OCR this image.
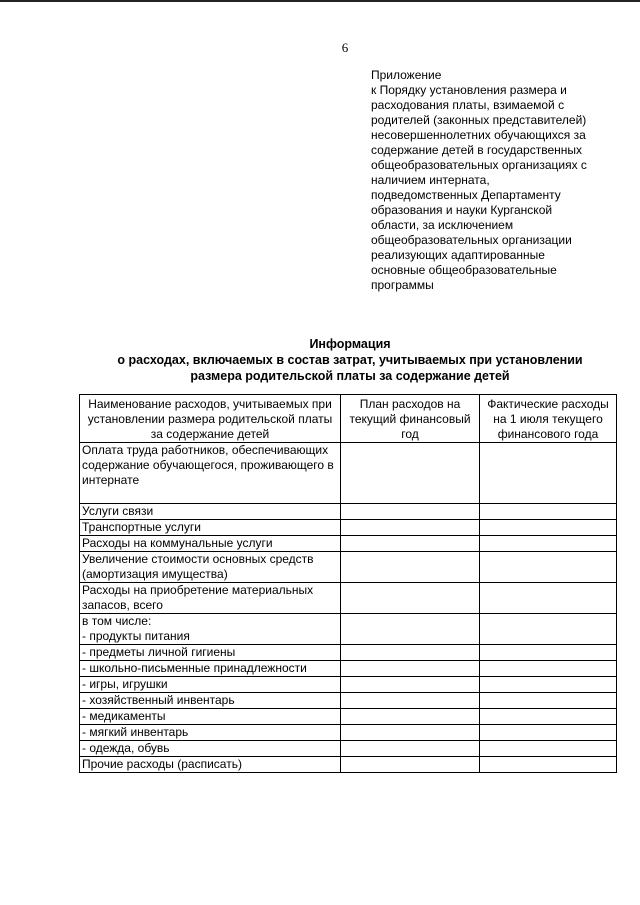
6
Приложение
к Порядку установления размера и
расходования платы, взимаемой с
родителей (законных представителей)
несовершеннолетних обучающихся за
содержание детей в государственных
общеобразовательных организациях с
наличием интерната,
подведомственных Департаменту
образования и науки Курганской
области, за исключением
общеобразовательных организации
реализующих адаптированные
основные общеобразовательные
программы
Информация
о расходах, включаемых в состав затрат, учитываемых при установлении
размера родительской платы за содержание детей
Наименование расходов, учитываемых при установлении размера родительской платы за содержание детей	План расходов на текущий финансовый год	Фактические расходы на 1 июля текущего финансового года
Оплата труда работников, обеспечивающих содержание обучающегося, проживающего в интернате		
Услуги связи		
Транспортные услуги		
Расходы на коммунальные услуги		
Увеличение стоимости основных средств (амортизация имущества)		
Расходы на приобретение материальных запасов, всего		
в том числе:
- продукты питания		
- предметы личной гигиены		
- школьно-письменные принадлежности		
- игры, игрушки		
- хозяйственный инвентарь		
- медикаменты		
- мягкий инвентарь		
- одежда, обувь		
Прочие расходы (расписать)		
